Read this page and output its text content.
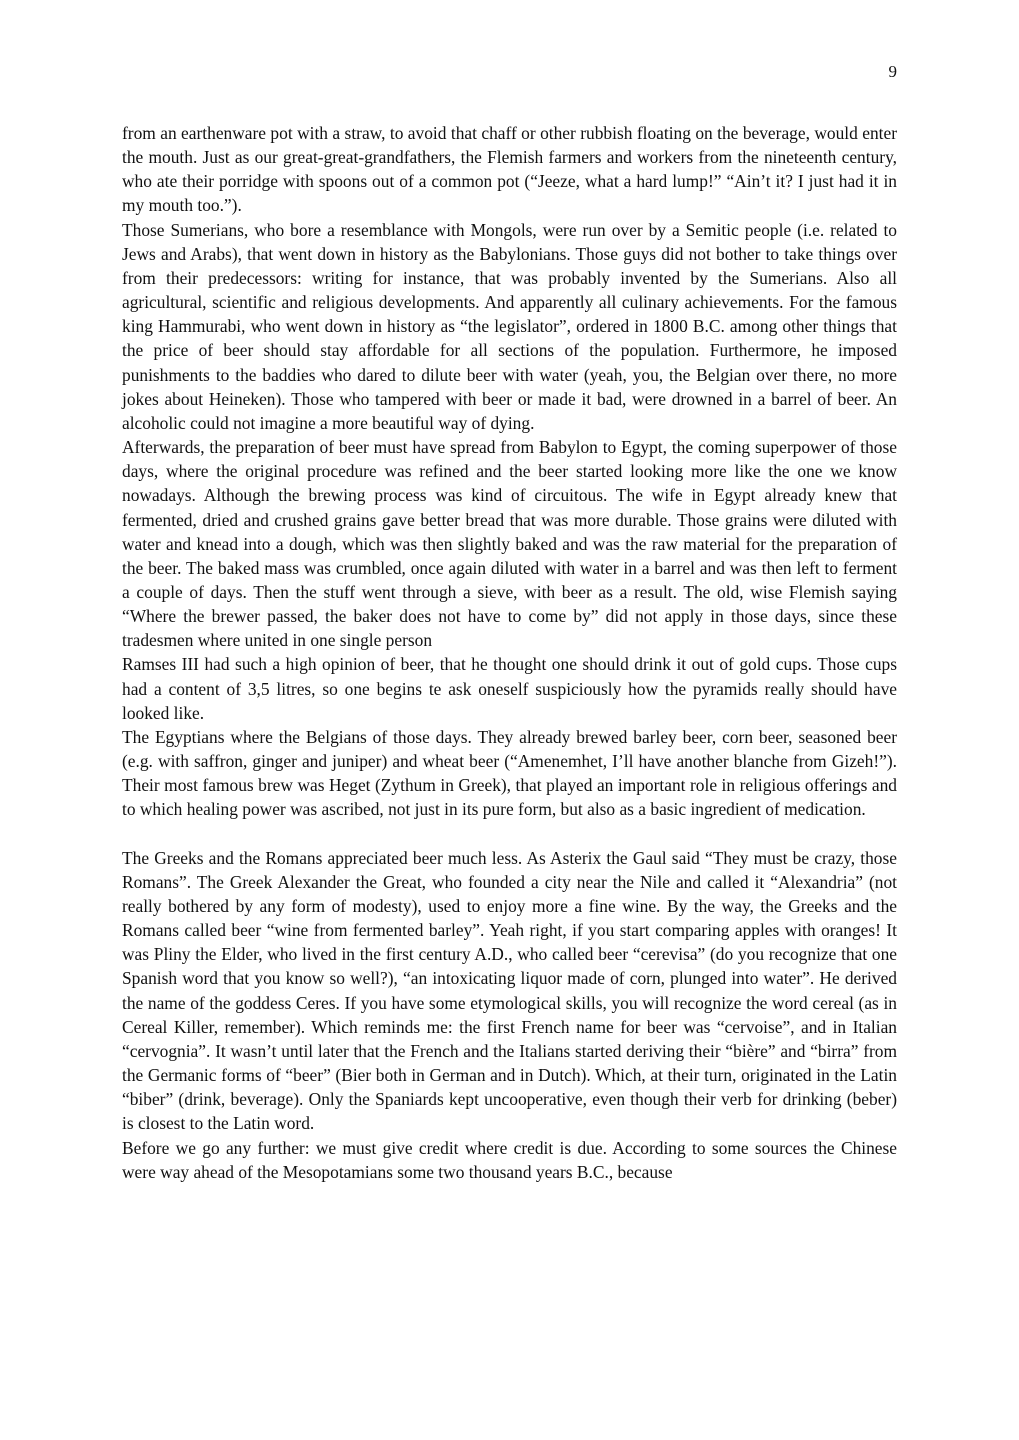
9

from an earthenware pot with a straw, to avoid that chaff or other rubbish floating on the beverage, would enter the mouth. Just as our great-great-grandfathers, the Flemish farmers and workers from the nineteenth century, who ate their porridge with spoons out of a common pot (“Jeeze, what a hard lump!” “Ain’t it? I just had it in my mouth too.”).

Those Sumerians, who bore a resemblance with Mongols, were run over by a Semitic people (i.e. related to Jews and Arabs), that went down in history as the Babylonians. Those guys did not bother to take things over from their predecessors: writing for instance, that was probably invented by the Sumerians. Also all agricultural, scientific and religious developments. And apparently all culinary achievements. For the famous king Hammurabi, who went down in history as “the legislator”, ordered in 1800 B.C. among other things that the price of beer should stay affordable for all sections of the population. Furthermore, he imposed punishments to the baddies who dared to dilute beer with water (yeah, you, the Belgian over there, no more jokes about Heineken). Those who tampered with beer or made it bad, were drowned in a barrel of beer. An alcoholic could not imagine a more beautiful way of dying.

Afterwards, the preparation of beer must have spread from Babylon to Egypt, the coming superpower of those days, where the original procedure was refined and the beer started looking more like the one we know nowadays. Although the brewing process was kind of circuitous. The wife in Egypt already knew that fermented, dried and crushed grains gave better bread that was more durable. Those grains were diluted with water and knead into a dough, which was then slightly baked and was the raw material for the preparation of the beer. The baked mass was crumbled, once again diluted with water in a barrel and was then left to ferment a couple of days. Then the stuff went through a sieve, with beer as a result. The old, wise Flemish saying “Where the brewer passed, the baker does not have to come by” did not apply in those days, since these tradesmen where united in one single person

Ramses III had such a high opinion of beer, that he thought one should drink it out of gold cups. Those cups had a content of 3,5 litres, so one begins te ask oneself suspiciously how the pyramids really should have looked like.

The Egyptians where the Belgians of those days. They already brewed barley beer, corn beer, seasoned beer (e.g. with saffron, ginger and juniper) and wheat beer (“Amenemhet, I’ll have another blanche from Gizeh!”). Their most famous brew was Heget (Zythum in Greek), that played an important role in religious offerings and to which healing power was ascribed, not just in its pure form, but also as a basic ingredient of medication.

The Greeks and the Romans appreciated beer much less. As Asterix the Gaul said “They must be crazy, those Romans”. The Greek Alexander the Great, who founded a city near the Nile and called it “Alexandria” (not really bothered by any form of modesty), used to enjoy more a fine wine. By the way, the Greeks and the Romans called beer “wine from fermented barley”. Yeah right, if you start comparing apples with oranges! It was Pliny the Elder, who lived in the first century A.D., who called beer “cerevisa” (do you recognize that one Spanish word that you know so well?), “an intoxicating liquor made of corn, plunged into water”. He derived the name of the goddess Ceres. If you have some etymological skills, you will recognize the word cereal (as in Cereal Killer, remember). Which reminds me: the first French name for beer was “cervoise”, and in Italian “cervognia”. It wasn’t until later that the French and the Italians started deriving their “bière” and “birra” from the Germanic forms of “beer” (Bier both in German and in Dutch). Which, at their turn, originated in the Latin “biber” (drink, beverage). Only the Spaniards kept uncooperative, even though their verb for drinking (beber) is closest to the Latin word.

Before we go any further: we must give credit where credit is due. According to some sources the Chinese were way ahead of the Mesopotamians some two thousand years B.C., because
